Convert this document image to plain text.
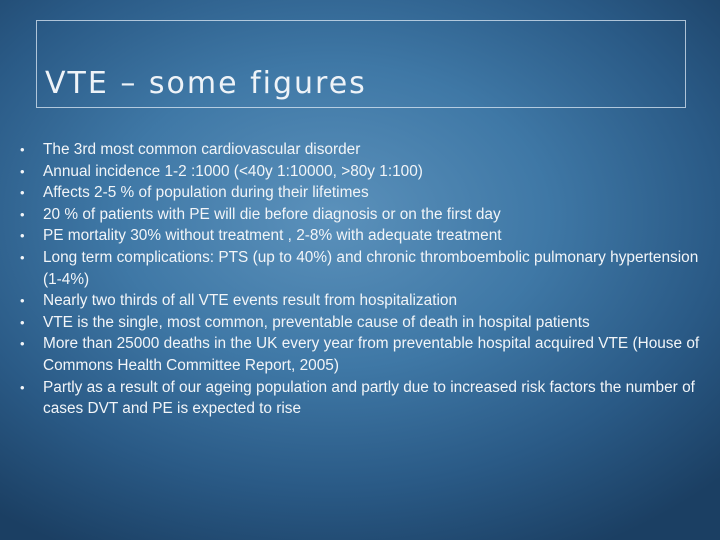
VTE – some figures
•	The 3rd most common cardiovascular disorder
•	Annual incidence 1-2 :1000 (<40y 1:10000, >80y 1:100)
•	Affects 2-5 % of population during their lifetimes
•	20 % of patients with PE will die before diagnosis or on the first day
•	PE mortality 30% without treatment , 2-8% with adequate treatment
•	Long term complications: PTS (up to 40%) and chronic thromboembolic pulmonary hypertension (1-4%)
•	Nearly two thirds of all VTE events result from hospitalization
•	VTE is the single, most common, preventable cause of death in hospital patients
•	More than 25000 deaths in the UK every year from preventable hospital acquired VTE (House of Commons Health Committee Report, 2005)
•	Partly as a result of our ageing population and partly due to increased risk factors the number of cases DVT and PE is expected to rise
